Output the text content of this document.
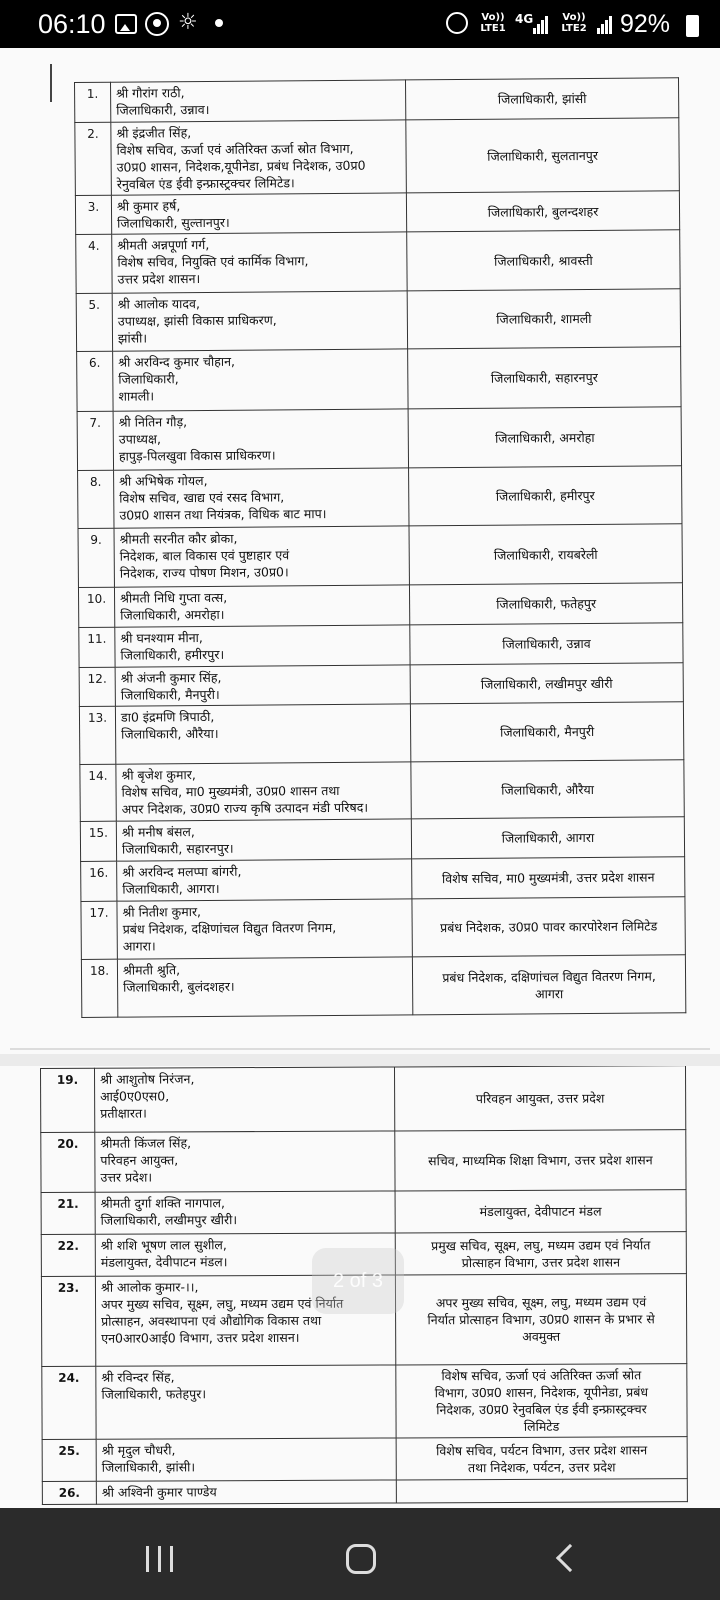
06:10	☼	Vo)) LTE1
4G	Vo)) LTE2 92%
1.	श्री गौरांग राठी,
जिलाधिकारी, उन्नाव।	जिलाधिकारी, झांसी

2.	श्री इंद्रजीत सिंह,
विशेष सचिव, ऊर्जा एवं अतिरिक्त ऊर्जा स्रोत विभाग,
उ0प्र0 शासन, निदेशक,यूपीनेडा, प्रबंध निदेशक, उ0प्र0
रेनुवबिल एंड ईवी इन्फ्रास्ट्रक्चर लिमिटेड।	जिलाधिकारी, सुलतानपुर

3.	श्री कुमार हर्ष,
जिलाधिकारी, सुल्तानपुर।	जिलाधिकारी, बुलन्दशहर

4.	श्रीमती अन्नपूर्णा गर्ग,
विशेष सचिव, नियुक्ति एवं कार्मिक विभाग,
उत्तर प्रदेश शासन।	जिलाधिकारी, श्रावस्ती

5.	श्री आलोक यादव,
उपाध्यक्ष, झांसी विकास प्राधिकरण,
झांसी।	जिलाधिकारी, शामली

6.	श्री अरविन्द कुमार चौहान,
जिलाधिकारी,
शामली।	जिलाधिकारी, सहारनपुर

7.	श्री नितिन गौड़,
उपाध्यक्ष,
हापुड़-पिलखुवा विकास प्राधिकरण।	जिलाधिकारी, अमरोहा

8.	श्री अभिषेक गोयल,
विशेष सचिव, खाद्य एवं रसद विभाग,
उ0प्र0 शासन तथा नियंत्रक, विधिक बाट माप।	जिलाधिकारी, हमीरपुर

9.	श्रीमती सरनीत कौर ब्रोका,
निदेशक, बाल विकास एवं पुष्टाहार एवं
निदेशक, राज्य पोषण मिशन, उ0प्र0।	जिलाधिकारी, रायबरेली

10.	श्रीमती निधि गुप्ता वत्स,
जिलाधिकारी, अमरोहा।	जिलाधिकारी, फतेहपुर

11.	श्री घनश्याम मीना,
जिलाधिकारी, हमीरपुर।	जिलाधिकारी, उन्नाव

12.	श्री अंजनी कुमार सिंह,
जिलाधिकारी, मैनपुरी।	जिलाधिकारी, लखीमपुर खीरी

13.	डा0 इंद्रमणि त्रिपाठी,
जिलाधिकारी, औरैया।	जिलाधिकारी, मैनपुरी

14.	श्री बृजेश कुमार,
विशेष सचिव, मा0 मुख्यमंत्री, उ0प्र0 शासन तथा
अपर निदेशक, उ0प्र0 राज्य कृषि उत्पादन मंडी परिषद।	जिलाधिकारी, औरैया

15.	श्री मनीष बंसल,
जिलाधिकारी, सहारनपुर।	जिलाधिकारी, आगरा

16.	श्री अरविन्द मलप्पा बांगरी,
जिलाधिकारी, आगरा।	विशेष सचिव, मा0 मुख्यमंत्री, उत्तर प्रदेश शासन

17.	श्री नितीश कुमार,
प्रबंध निदेशक, दक्षिणांचल विद्युत वितरण निगम,
आगरा।	प्रबंध निदेशक, उ0प्र0 पावर कारपोरेशन लिमिटेड

18.	श्रीमती श्रुति,
जिलाधिकारी, बुलंदशहर।	प्रबंध निदेशक, दक्षिणांचल विद्युत वितरण निगम,
आगरा
19.	श्री आशुतोष निरंजन,
आई0ए0एस0,
प्रतीक्षारत।	परिवहन आयुक्त, उत्तर प्रदेश

20.	श्रीमती किंजल सिंह,
परिवहन आयुक्त,
उत्तर प्रदेश।	सचिव, माध्यमिक शिक्षा विभाग, उत्तर प्रदेश शासन

21.	श्रीमती दुर्गा शक्ति नागपाल,
जिलाधिकारी, लखीमपुर खीरी।	मंडलायुक्त, देवीपाटन मंडल

22.	श्री शशि भूषण लाल सुशील,
मंडलायुक्त, देवीपाटन मंडल।	प्रमुख सचिव, सूक्ष्म, लघु, मध्यम उद्यम एवं निर्यात
प्रोत्साहन विभाग, उत्तर प्रदेश शासन

23.	श्री आलोक कुमार-।।,
अपर मुख्य सचिव, सूक्ष्म, लघु, मध्यम उद्यम एवं निर्यात
प्रोत्साहन, अवस्थापना एवं औद्योगिक विकास तथा
एन0आर0आई0 विभाग, उत्तर प्रदेश शासन।	अपर मुख्य सचिव, सूक्ष्म, लघु, मध्यम उद्यम एवं
निर्यात प्रोत्साहन विभाग, उ0प्र0 शासन के प्रभार से
अवमुक्त

24.	श्री रविन्दर सिंह,
जिलाधिकारी, फतेहपुर।	विशेष सचिव, ऊर्जा एवं अतिरिक्त ऊर्जा स्रोत
विभाग, उ0प्र0 शासन, निदेशक, यूपीनेडा, प्रबंध
निदेशक, उ0प्र0 रेनुवबिल एंड ईवी इन्फ्रास्ट्रक्चर
लिमिटेड

25.	श्री मृदुल चौधरी,
जिलाधिकारी, झांसी।	विशेष सचिव, पर्यटन विभाग, उत्तर प्रदेश शासन
तथा निदेशक, पर्यटन, उत्तर प्रदेश

26.	श्री अश्विनी कुमार पाण्डेय	

2 of 3
